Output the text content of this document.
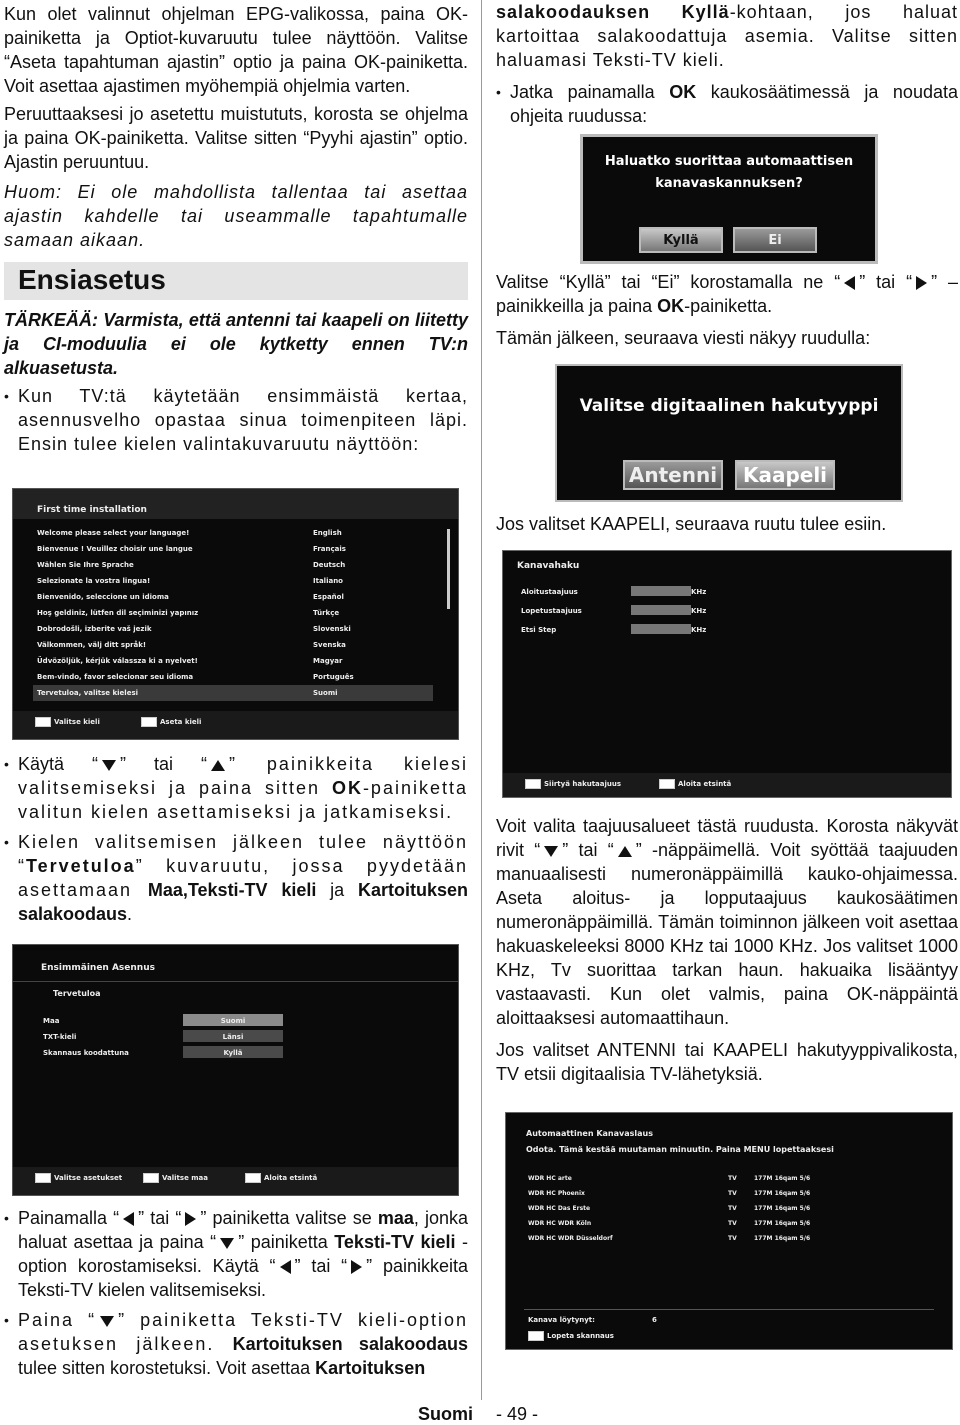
Kun olet valinnut ohjelman EPG-valikossa, paina OK-painiketta ja Optiot-kuvaruutu tulee näyttöön. Valitse “Aseta tapahtuman ajastin” optio ja paina OK-painiketta. Voit asettaa ajastimen myöhempiä ohjelmia varten.

Peruuttaaksesi jo asetettu muistututs, korosta se ohjelma ja paina OK-painiketta. Valitse sitten “Pyyhi ajastin” optio. Ajastin peruuntuu.

Huom: Ei ole mahdollista tallentaa tai asettaa ajastin kahdelle tai useammalle tapahtumalle samaan aikaan.

Ensiasetus

TÄRKEÄÄ: Varmista, että antenni tai kaapeli on liitetty ja CI-moduulia ei ole kytketty ennen TV:n alkuasetusta.

• Kun TV:tä käytetään ensimmäistä kertaa, asennusvelho opastaa sinua toimenpiteen läpi. Ensin tulee kielen valintakuvaruutu näyttöön:

First time installation
Welcome please select your language!	English
Bienvenue ! Veuillez choisir une langue	Français
Wählen Sie Ihre Sprache	Deutsch
Selezionate la vostra lingua!	Italiano
Bienvenido, seleccione un idioma	Español
Hoş geldiniz, lütfen dil seçiminizi yapınız	Türkçe
Dobrodošli, izberite vaš jezik	Slovenski
Välkommen, välj ditt språk!	Svenska
Üdvözöljük, kérjük válassza ki a nyelvet!	Magyar
Bem-vindo, favor selecionar seu idioma	Português
Tervetuloa, valitse kielesi	Suomi
Valitse kieli	Aseta kieli

• Käytä “ ” tai “ ” painikkeita kielesi valitsemiseksi ja paina sitten OK-painiketta valitun kielen asettamiseksi ja jatkamiseksi.

• Kielen valitsemisen jälkeen tulee näyttöön “Tervetuloa” kuvaruutu, jossa pyydetään asettamaan Maa,Teksti-TV kieli ja Kartoituksen salakoodaus.

Ensimmäinen Asennus
Tervetuloa
Maa	Suomi
TXT-kieli	Länsi
Skannaus koodattuna	Kyllä
Valitse asetukset	Valitse maa	Aloita etsintä

• Painamalla “ ” tai “ ” painiketta valitse se maa, jonka haluat asettaa ja paina “ ” painiketta Teksti-TV kieli -option korostamiseksi. Käytä “ ” tai “ ” painikkeita Teksti-TV kielen valitsemiseksi.

• Paina “ ” painiketta Teksti-TV kieli-option asetuksen jälkeen. Kartoituksen salakoodaus tulee sitten korostetuksi. Voit asettaa Kartoituksen

salakoodauksen Kyllä-kohtaan, jos haluat kartoittaa salakoodattuja asemia. Valitse sitten haluamasi Teksti-TV kieli.

• Jatka painamalla OK kaukosäätimessä ja noudata ohjeita ruudussa:

Haluatko suorittaa automaattisen kanavaskannuksen?
Kyllä	Ei

Valitse “Kyllä” tai “Ei” korostamalla ne “ ” tai “ ” –painikkeilla ja paina OK-painiketta.

Tämän jälkeen, seuraava viesti näkyy ruudulla:

Valitse digitaalinen hakutyyppi
Antenni	Kaapeli

Jos valitset KAAPELI, seuraava ruutu tulee esiin.

Kanavahaku
Aloitustaajuus	KHz
Lopetustaajuus	KHz
Etsi Step	KHz
Siirtyä hakutaajuus	Aloita etsintä

Voit valita taajuusalueet tästä ruudusta. Korosta näkyvät rivit “ ” tai “ ” -näppäimellä. Voit syöttää taajuuden manuaalisesti numeronäppäimillä kauko-ohjaimessa. Aseta aloitus- ja lopputaajuus kaukosäätimen numeronäppäimillä. Tämän toiminnon jälkeen voit asettaa hakuaskeleeksi 8000 KHz tai 1000 KHz. Jos valitset 1000 KHz, Tv suorittaa tarkan haun. hakuaika lisääntyy vastaavasti. Kun olet valmis, paina OK-näppäintä aloittaaksesi automaattihaun.

Jos valitset ANTENNI tai KAAPELI hakutyyppivalikosta, TV etsii digitaalisia TV-lähetyksiä.

Automaattinen Kanavaslaus
Odota. Tämä kestää muutaman minuutin. Paina MENU lopettaaksesi
WDR HC arte	TV	177M 16qam 5/6
WDR HC Phoenix	TV	177M 16qam 5/6
WDR HC Das Erste	TV	177M 16qam 5/6
WDR HC WDR Köln	TV	177M 16qam 5/6
WDR HC WDR Düsseldorf	TV	177M 16qam 5/6
Kanava löytynyt:	6
Lopeta skannaus
Suomi - 49 -
